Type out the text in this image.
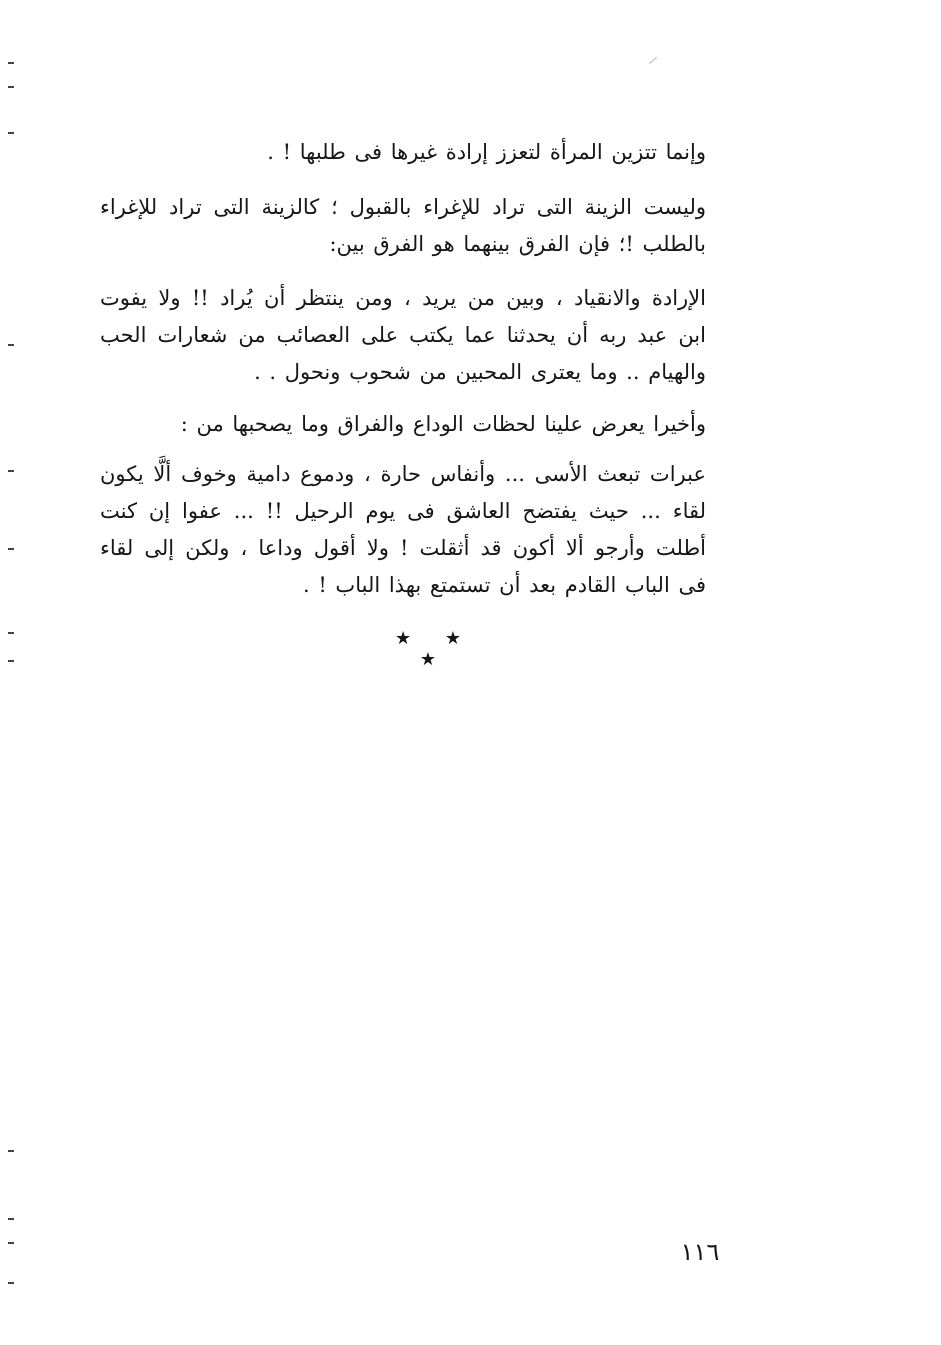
وإنما تتزين المرأة لتعزز إرادة غيرها فى طلبها ! .

وليست الزينة التى تراد للإغراء بالقبول ؛ كالزينة التى تراد للإغراء بالطلب !؛ فإن الفرق بينهما هو الفرق بين:

الإرادة والانقياد ، وبين من يريد ، ومن ينتظر أن يُراد !! ولا يفوت ابن عبد ربه أن يحدثنا عما يكتب على العصائب من شعارات الحب والهيام .. وما يعترى المحبين من شحوب ونحول . .

وأخيرا يعرض علينا لحظات الوداع والفراق وما يصحبها من :

عبرات تبعث الأسى ... وأنفاس حارة ، ودموع دامية وخوف ألَّا يكون لقاء ... حيث يفتضح العاشق فى يوم الرحيل !! ... عفوا إن كنت أطلت وأرجو ألا أكون قد أثقلت ! ولا أقول وداعا ، ولكن إلى لقاء فى الباب القادم بعد أن تستمتع بهذا الباب ! .

★ ★ ★
١١٦
